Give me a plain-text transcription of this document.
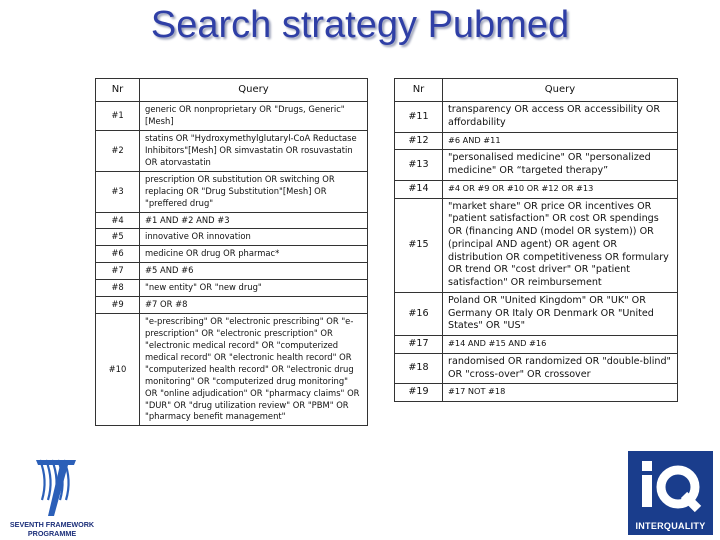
Search strategy Pubmed
Nr	Query
#1	generic OR nonproprietary OR "Drugs, Generic"[Mesh]
#2	statins OR "Hydroxymethylglutaryl-CoA Reductase Inhibitors"[Mesh] OR simvastatin OR rosuvastatin OR atorvastatin
#3	prescription OR substitution OR switching OR replacing OR "Drug Substitution"[Mesh] OR "preffered drug"
#4	#1 AND #2 AND #3
#5	innovative OR innovation
#6	medicine OR drug OR pharmac*
#7	#5 AND #6
#8	"new entity" OR "new drug"
#9	#7 OR #8
#10	"e-prescribing" OR "electronic prescribing" OR "e-prescription" OR "electronic prescription" OR "electronic medical record" OR "computerized medical record" OR "electronic health record" OR "computerized health record" OR "electronic drug monitoring" OR "computerized drug monitoring" OR "online adjudication" OR "pharmacy claims" OR "DUR" OR "drug utilization review" OR "PBM" OR "pharmacy benefit management"
Nr	Query
#11	transparency OR access OR accessibility OR affordability
#12	#6 AND #11
#13	"personalised medicine" OR "personalized medicine" OR “targeted therapy”
#14	#4 OR #9 OR #10 OR #12 OR #13
#15	"market share" OR price OR incentives OR "patient satisfaction" OR cost OR spendings OR (financing AND (model OR system)) OR (principal AND agent) OR agent OR distribution OR competitiveness OR formulary OR trend OR "cost driver" OR "patient satisfaction" OR reimbursement
#16	Poland OR "United Kingdom" OR "UK" OR Germany OR Italy OR Denmark OR "United States" OR "US"
#17	#14 AND #15 AND #16
#18	randomised OR randomized OR "double-blind" OR "cross-over" OR crossover
#19	#17 NOT #18
SEVENTH FRAMEWORK
PROGRAMME
INTERQUALITY
